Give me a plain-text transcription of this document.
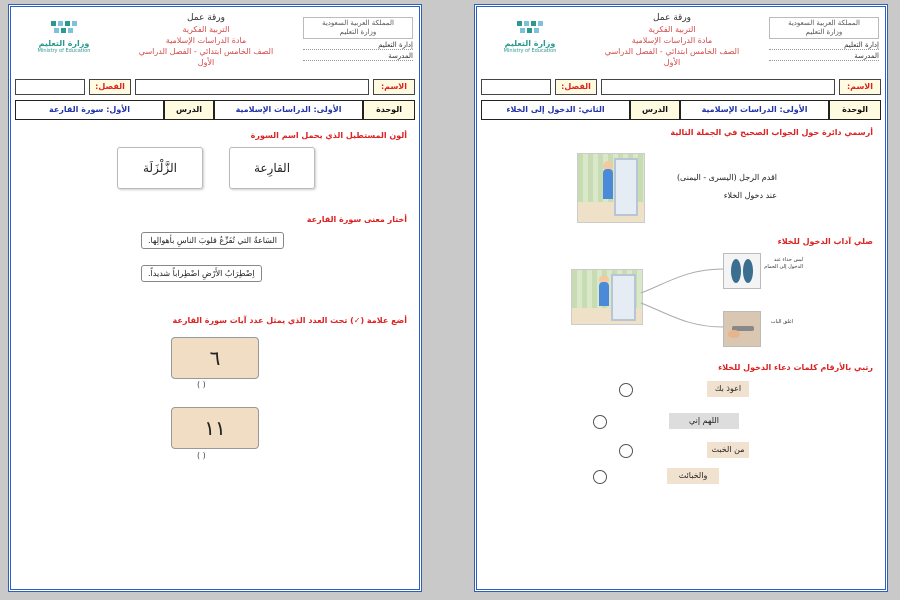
وزارة التعليم
Ministry of Education
ورقة عمل
التربية الفكرية
مادة الدراسات الإسلامية
الصف الخامس ابتدائي - الفصل الدراسي الأول
المملكة العربية السعودية
وزارة التعليم
إدارة التعليم
المدرسة
الاسم:
الفصل:
الوحدة
الأولى: الدراسات الإسلامية
الدرس
الأول: سورة القارعة
ألون المستطيل الذي يحمل اسم السورة
القارِعة
الزَّلْزَلَة
أختار معنى سورة القارعة
السَاعةُ التي تُفَزِّعُ قلوبَ الناسِ بأهوالِها.
اِضْطِرَابُ الأَرْضِ اضْطِراباً شديداً.
أضع علامة (✓) تحت العدد الذي يمثل عدد آيات سورة القارعة
٦
( )
١١
( )
وزارة التعليم
Ministry of Education
ورقة عمل
التربية الفكرية
مادة الدراسات الإسلامية
الصف الخامس ابتدائي - الفصل الدراسي الأول
المملكة العربية السعودية
وزارة التعليم
إدارة التعليم
المدرسة
الاسم:
الفصل:
الوحدة
الأولى: الدراسات الإسلامية
الدرس
الثاني: الدخول إلى الخلاء
أرسمي دائرة حول الجواب الصحيح في الجملة التالية
اقدم الرجل (اليسرى - اليمنى)
عند دخول الخلاء
صلي آداب الدخول للخلاء
لبس حذاء عند الدخول إلى الحمام
اغلق الباب
رتبي بالأرقام كلمات دعاء الدخول للخلاء
اعوذ بك
اللهم إني
من الخبث
والخبائث
